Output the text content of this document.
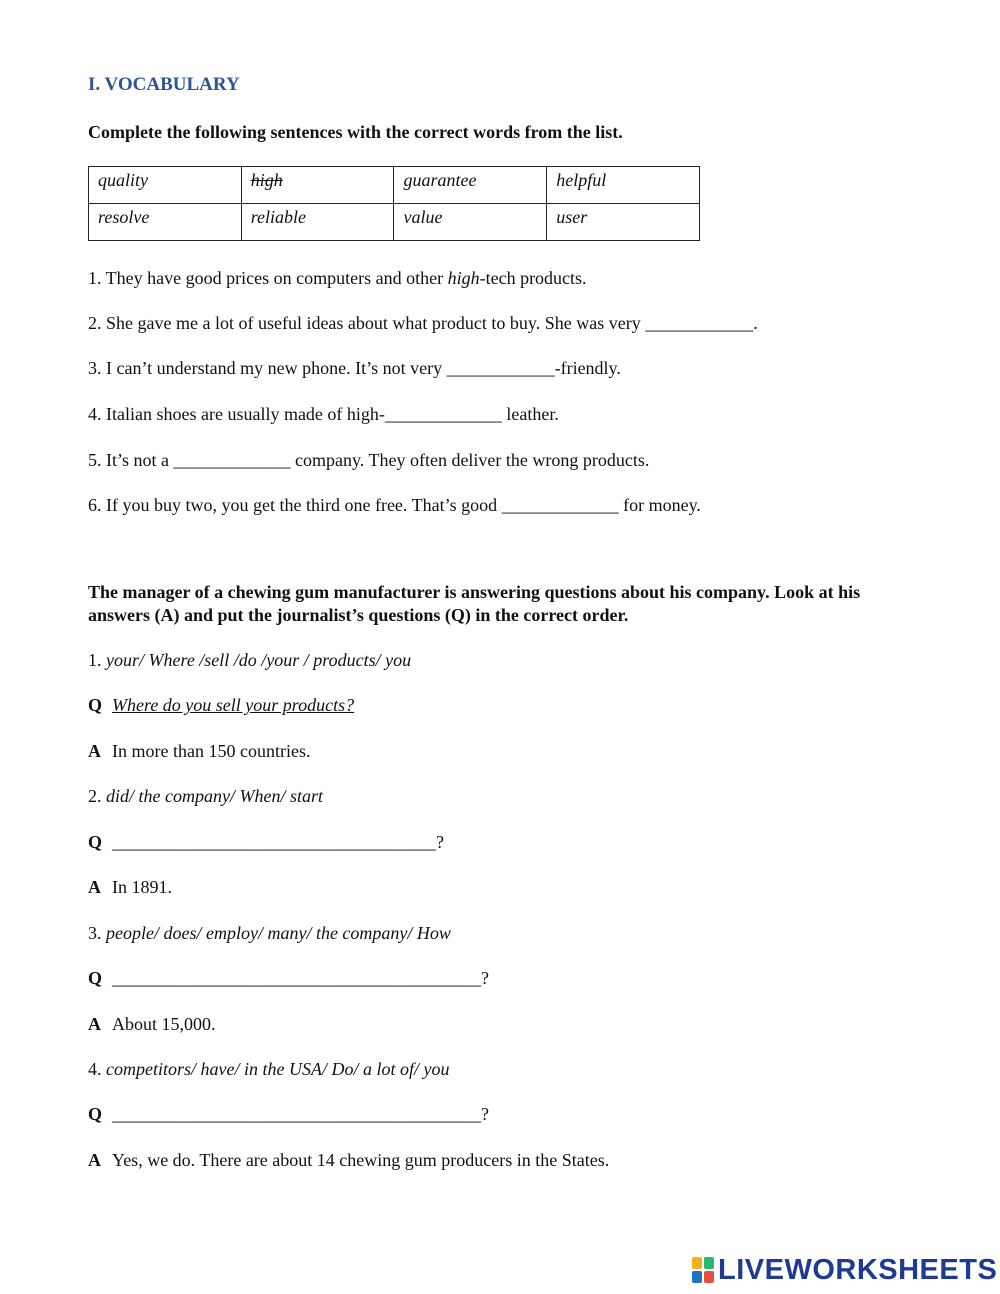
I. VOCABULARY
Complete the following sentences with the correct words from the list.
quality	high	guarantee	helpful
resolve	reliable	value	user
1. They have good prices on computers and other high-tech products.
2. She gave me a lot of useful ideas about what product to buy. She was very ____________.
3. I can’t understand my new phone. It’s not very ____________-friendly.
4. Italian shoes are usually made of high-_____________ leather.
5. It’s not a _____________ company. They often deliver the wrong products.
6. If you buy two, you get the third one free. That’s good _____________ for money.
The manager of a chewing gum manufacturer is answering questions about his company. Look at his answers (A) and put the journalist’s questions (Q) in the correct order.
1. your/ Where /sell /do /your / products/ you
Q Where do you sell your products?
A In more than 150 countries.
2. did/ the company/ When/ start
Q ____________________________________?
A In 1891.
3. people/ does/ employ/ many/ the company/ How
Q _________________________________________?
A About 15,000.
4. competitors/ have/ in the USA/ Do/ a lot of/ you
Q _________________________________________?
A Yes, we do. There are about 14 chewing gum producers in the States.
LIVEWORKSHEETS
